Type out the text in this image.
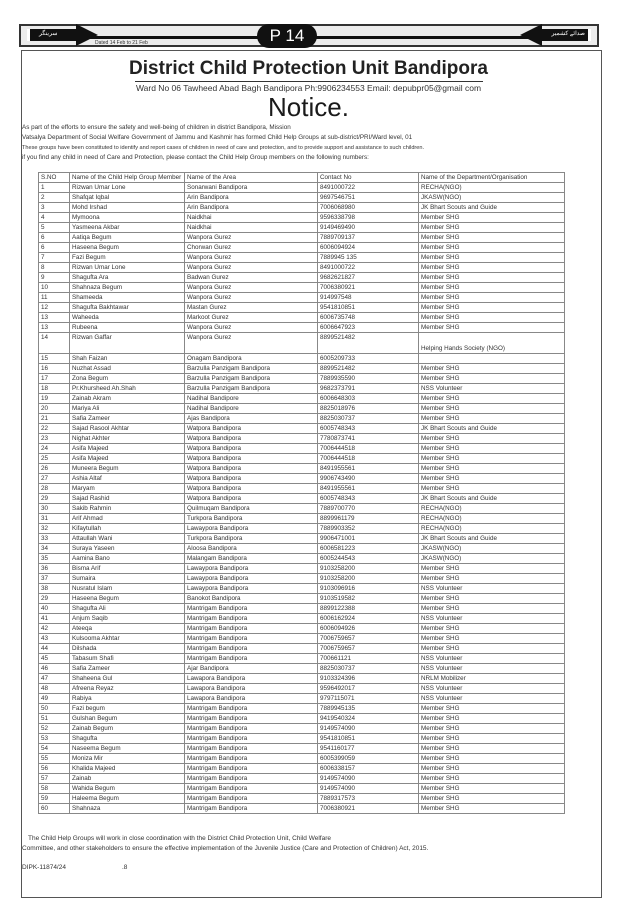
سرینگر	صدائے کشمیر
Dated 14 Feb to 21 Feb	P 14
District Child Protection Unit Bandipora
Ward No 06 Tawheed Abad Bagh Bandipora Ph:9906234553 Email: depubpr05@gmail com
Notice.
As part of the efforts to ensure the safety and well-being of children in district Bandipora, Mission
Vatsalya Department of Social Welfare Government of Jammu and Kashmir has formed Child Help Groups at sub-district/PRI/Ward level, 01
These groups have been constituted to identify and report cases of children in need of care and protection, and to provide support and assistance to such children.
if you find any child in need of Care and Protection, please contact the Child Help Group members on the following numbers:
S.NO	Name of the Child Help Group Member	Name of the Area	Contact No	Name of the Department/Organisation
1	Rizwan Umar Lone	Sonarwani Bandipora	8491000722	RECHA(NGO)
2	Shafqat Iqbal	Arin Bandipora	9697546751	JKASW(NGO)
3	Mohd Irshad	Arin Bandipora	7006068980	JK Bhart Scouts and Guide
4	Mymoona	Naidkhai	9596338798	Member SHG
5	Yasmeena Akbar	Naidkhai	9149469490	Member SHG
6	Aatiqa Begum	Wanpora Gurez	7889709137	Member SHG
6	Haseena Begum	Chorwan Gurez	6006094924	Member SHG
7	Fazi Begum	Wanpora Gurez	7889945 135	Member SHG
8	Rizwan Umar Lone	Wanpora Gurez	8491000722	Member SHG
9	Shagufta Ara	Badwan Gurez	9682621827	Member SHG
10	Shahnaza Begum	Wanpora Gurez	7006380921	Member SHG
11	Shameeda	Wanpora Gurez	914997548	Member SHG
12	Shagufta Bakhtawar	Mastan Gurez	9541810851	Member SHG
13	Waheeda	Markoot Gurez	6006735748	Member SHG
13	Rubeena	Wanpora Gurez	6006647923	Member SHG
14	Rizwan Gaffar	Wanpora Gurez	8899521482	Helping Hands Society (NGO)
15	Shah Faizan	Onagam Bandipora	6005209733	
16	Nuzhat Assad	Barzulla Panzigam Bandipora	8899521482	Member SHG
17	Zona Begum	Barzulla Panzigam Bandipora	7889935590	Member SHG
18	Pr.Khursheed Ah.Shah	Barzulla Panzigam Bandipora	9682373791	NSS Volunteer
19	Zainab Akram	Nadihal Bandipore	6006648303	Member SHG
20	Mariya Ali	Nadihal Bandipore	8825018976	Member SHG
21	Safia Zameer	Ajas Bandipora	8825030737	Member SHG
22	Sajad Rasool Akhtar	Watpora Bandipora	6005748343	JK Bhart Scouts and Guide
23	Nighat Akhter	Watpora Bandipora	7780873741	Member SHG
24	Asifa Majeed	Watpora Bandipora	7006444518	Member SHG
25	Asifa Majeed	Watpora Bandipora	7006444518	Member SHG
26	Muneera Begum	Watpora Bandipora	8491955561	Member SHG
27	Ashia Altaf	Watpora Bandipora	9906743490	Member SHG
28	Maryam	Watpora Bandipora	8491955561	Member SHG
29	Sajad Rashid	Watpora Bandipora	6005748343	JK Bhart Scouts and Guide
30	Sakib Rahmin	Quilmuqam Bandipora	7889700770	RECHA(NGO)
31	Arif Ahmad	Turkpora Bandipora	8899961179	RECHA(NGO)
32	Kifaytullah	Lawaypora Bandipora	7889903352	RECHA(NGO)
33	Attaullah Wani	Turkpora Bandipora	9906471001	JK Bhart Scouts and Guide
34	Suraya Yaseen	Aloosa Bandipora	6006581223	JKASW(NGO)
35	Aamina Bano	Malangam Bandipora	6005244543	JKASW(NGO)
36	Bisma Arif	Lawaypora Bandipora	9103258200	Member SHG
37	Sumaira	Lawaypora Bandipora	9103258200	Member SHG
38	Nusratul Islam	Lawaypora Bandipora	9103096916	NSS Volunteer
29	Haseena Begum	Banokot Bandipora	9103519582	Member SHG
40	Shagufta Ali	Mantrigam Bandipora	8899122388	Member SHG
41	Anjum Saqib	Mantrigam Bandipora	6006162924	NSS Volunteer
42	Ateeqa	Mantrigam Bandipora	6006094926	Member SHG
43	Kulsooma Akhtar	Mantrigam Bandipora	7006759657	Member SHG
44	Dilshada	Mantrigam Bandipora	7006759657	Member SHG
45	Tabasum Shafi	Mantrigam Bandipora	700661121	NSS Volunteer
46	Safia Zameer	Ajar Bandipora	8825030737	NSS Volunteer
47	Shaheena Gul	Lawapora Bandipora	9103324396	NRLM Mobilizer
48	Afreena Reyaz	Lawapora Bandipora	9596492017	NSS Volunteer
49	Rabiya	Lawapora Bandipora	9797115071	NSS Volunteer
50	Fazi begum	Mantrigam Bandipora	7889945135	Member SHG
51	Gulshan Begum	Mantrigam Bandipora	9419540324	Member SHG
52	Zainab Begum	Mantrigam Bandipora	9149574090	Member SHG
53	Shagufta	Mantrigam Bandipora	9541810851	Member SHG
54	Naseema Begum	Mantrigam Bandipora	9541160177	Member SHG
55	Moniza Mir	Mantrigam Bandipora	6005399059	Member SHG
56	Khalida Majeed	Mantrigam Bandipora	6006338157	Member SHG
57	Zainab	Mantrigam Bandipora	9149574090	Member SHG
58	Wahida Begum	Mantrigam Bandipora	9149574090	Member SHG
59	Haleema Begum	Mantrigam Bandipora	7889317573	Member SHG
60	Shahnaza	Mantrigam Bandipora	7006380921	Member SHG
The Child Help Groups will work in close coordination with the District Child Protection Unit, Child Welfare
Committee, and other stakeholders to ensure the effective implementation of the Juvenile Justice (Care and Protection of Children) Act, 2015.
DIPK-11874/24	.8
